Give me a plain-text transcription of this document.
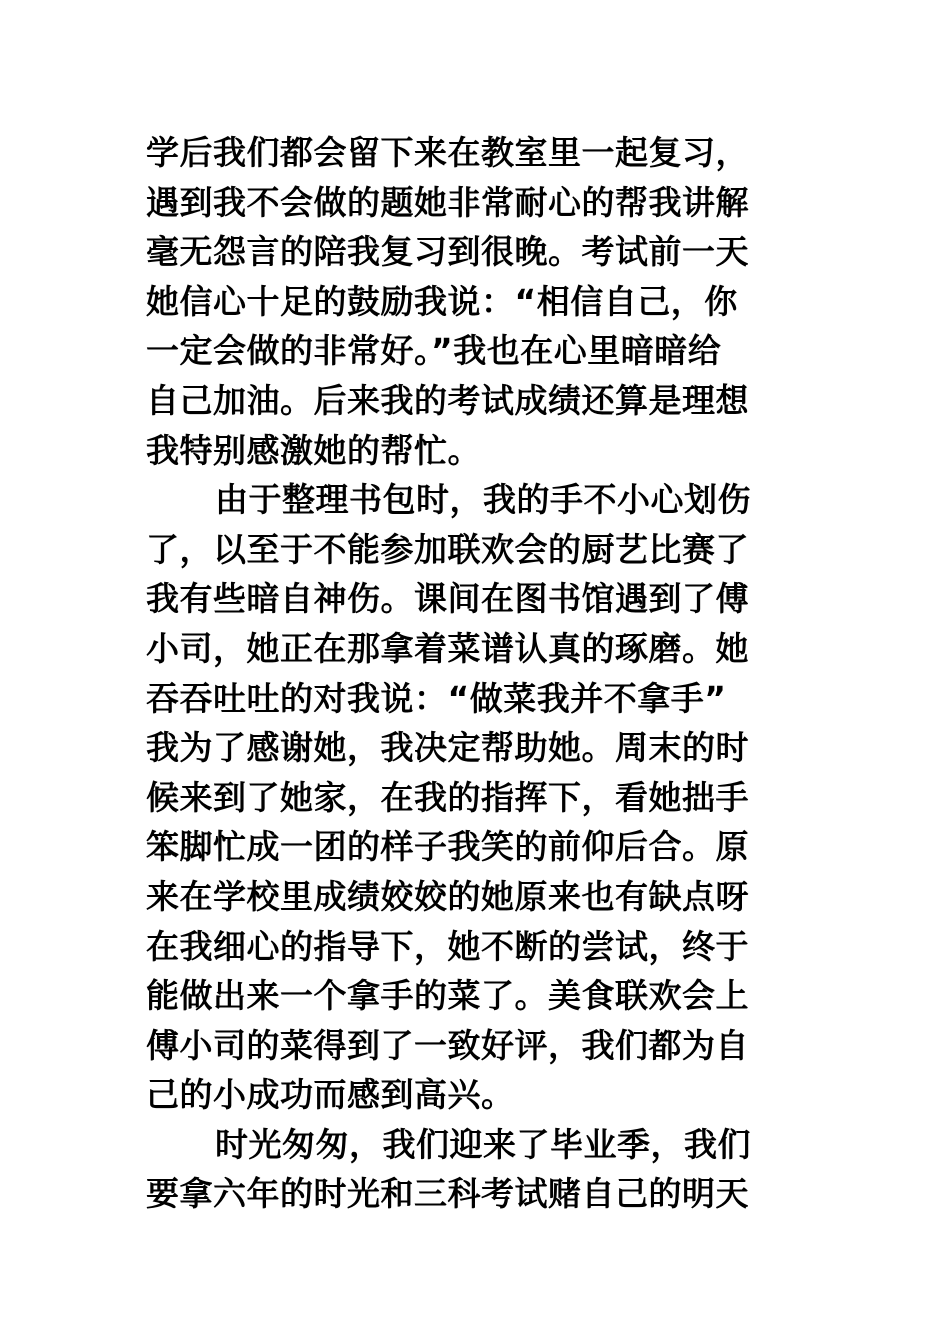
学后我们都会留下来在教室里一起复习，
遇到我不会做的题她非常耐心的帮我讲解
毫无怨言的陪我复习到很晚。考试前一天
她信心十足的鼓励我说：“相信自己，你
一定会做的非常好。”我也在心里暗暗给
自己加油。后来我的考试成绩还算是理想
我特别感激她的帮忙。
由于整理书包时，我的手不小心划伤
了，以至于不能参加联欢会的厨艺比赛了
我有些暗自神伤。课间在图书馆遇到了傅
小司，她正在那拿着菜谱认真的琢磨。她
吞吞吐吐的对我说：“做菜我并不拿手”
我为了感谢她，我决定帮助她。周末的时
候来到了她家，在我的指挥下，看她拙手
笨脚忙成一团的样子我笑的前仰后合。原
来在学校里成绩姣姣的她原来也有缺点呀
在我细心的指导下，她不断的尝试，终于
能做出来一个拿手的菜了。美食联欢会上
傅小司的菜得到了一致好评，我们都为自
己的小成功而感到高兴。
时光匆匆，我们迎来了毕业季，我们
要拿六年的时光和三科考试赌自己的明天
